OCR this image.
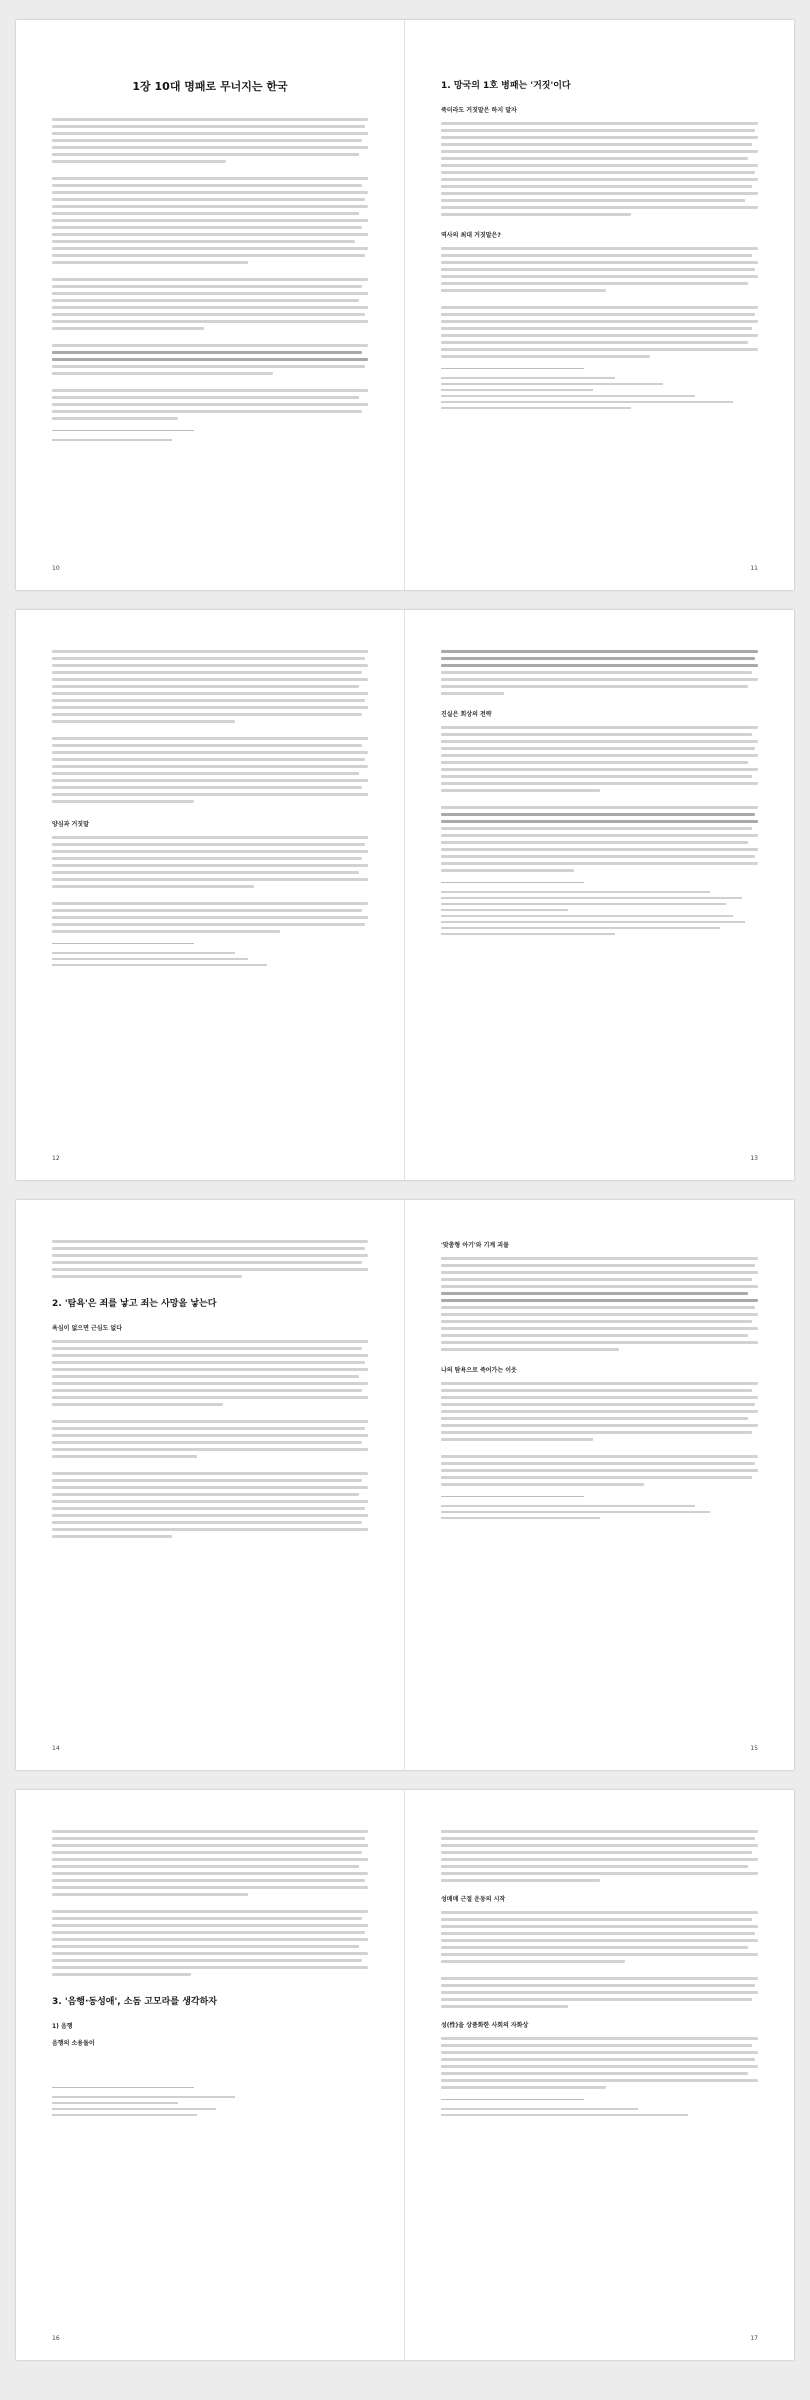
1장 10대 명패로 무너지는 한국
10
1. 망국의 1호 병패는 '거짓'이다
죽더라도 거짓말은 하지 말자
역사의 최대 거짓말은?
11
양심과 거짓말
12
진실은 회상의 전략
13
2. '탐욕'은 죄를 낳고 죄는 사망을 낳는다
욕심이 없으면 근심도 없다
14
'맞춤형 아기'와 기계 괴물
나의 탐욕으로 죽어가는 이웃
15
3. '음행·동성애', 소돔 고모라를 생각하자
1) 음행
음행의 소용돌이
16
성매매 근절 운동의 시작
성(性)을 상품화한 사회의 자화상
17
